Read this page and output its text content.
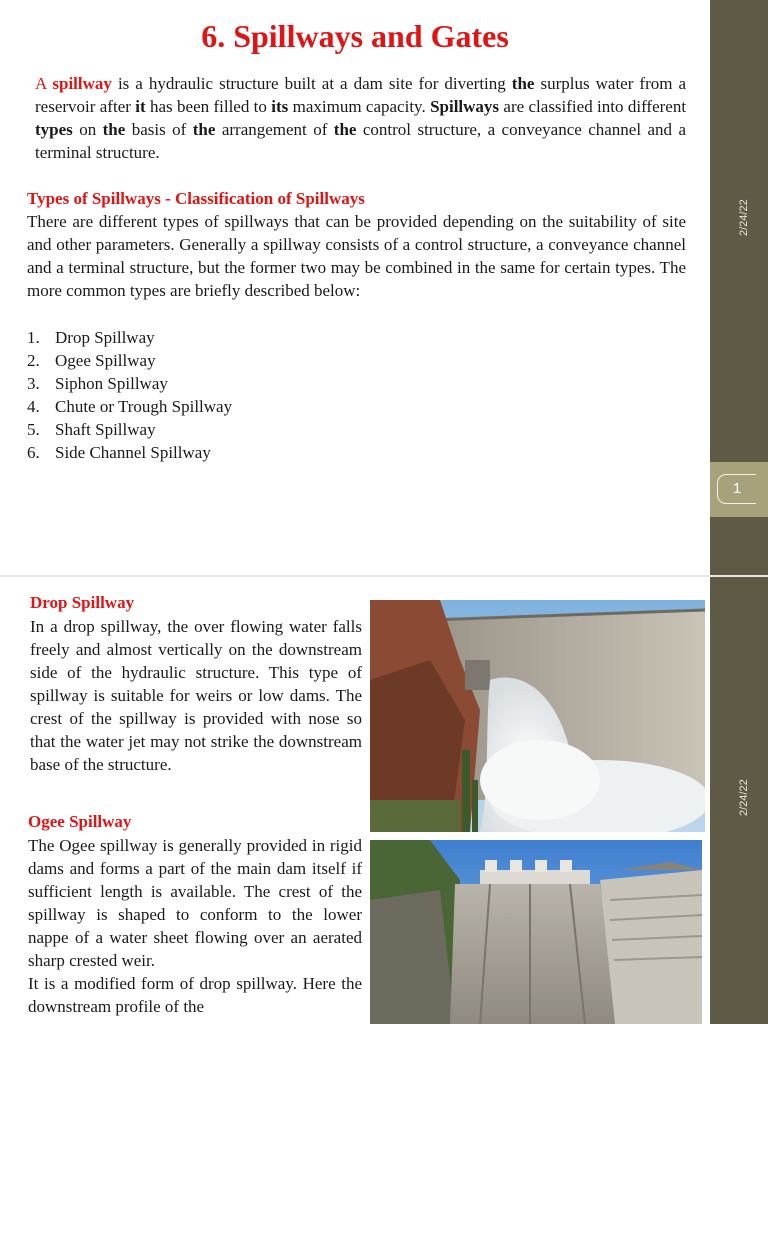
2/24/22
1
6. Spillways and Gates
A spillway is a hydraulic structure built at a dam site for diverting the surplus water from a reservoir after it has been filled to its maximum capacity. Spillways are classified into different types on the basis of the arrangement of the control structure, a conveyance channel and a terminal structure.
Types of Spillways - Classification of Spillways
There are different types of spillways that can be provided depending on the suitability of site and other parameters. Generally a spillway consists of a control structure, a conveyance channel and a terminal structure, but the former two may be combined in the same for certain types. The more common types are briefly described below:
1. Drop Spillway
2. Ogee Spillway
3. Siphon Spillway
4. Chute or Trough Spillway
5. Shaft Spillway
6. Side Channel Spillway
2/24/22
Drop Spillway
In a drop spillway, the over flowing water falls freely and almost vertically on the downstream side of the hydraulic structure. This type of spillway is suitable for weirs or low dams. The crest of the spillway is provided with nose so that the water jet may not strike the downstream base of the structure.
Ogee Spillway
The Ogee spillway is generally provided in rigid dams and forms a part of the main dam itself if sufficient length is available. The crest of the spillway is shaped to conform to the lower nappe of a water sheet flowing over an aerated sharp crested weir.
It is a modified form of drop spillway. Here the downstream profile of the
